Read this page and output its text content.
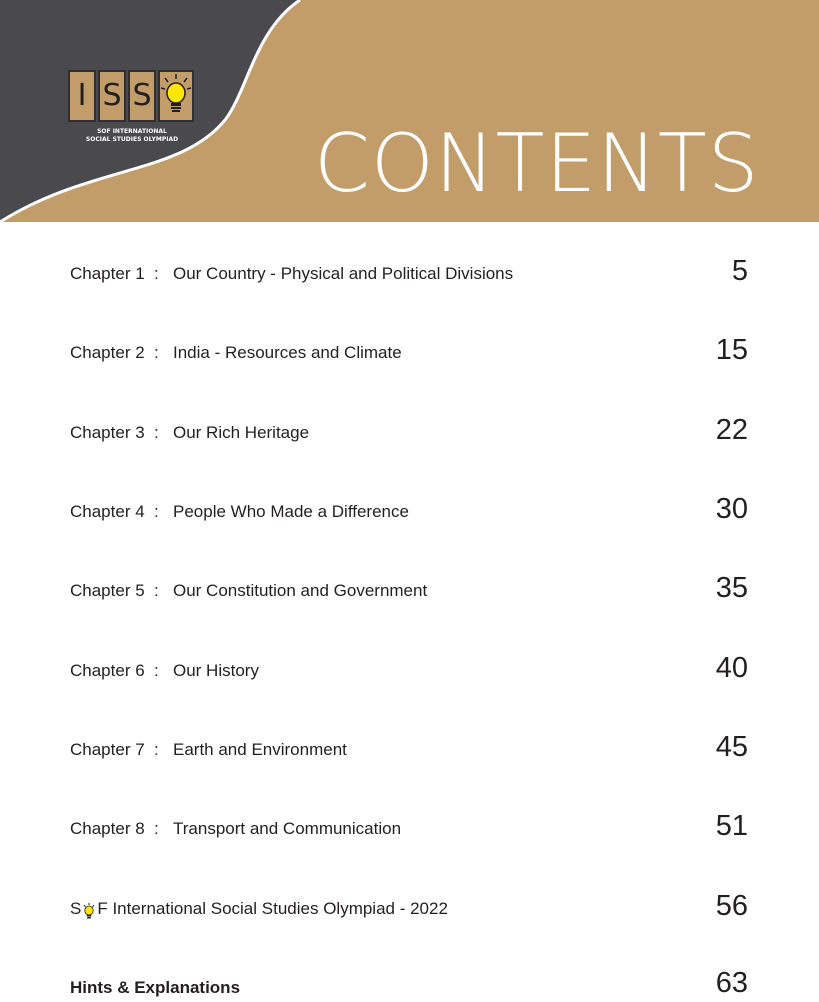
I S S
SOF INTERNATIONAL
SOCIAL STUDIES OLYMPIAD CONTENTS
Chapter 1 : Our Country - Physical and Political Divisions	5
Chapter 2 : India - Resources and Climate	15
Chapter 3 : Our Rich Heritage	22
Chapter 4 : People Who Made a Difference	30
Chapter 5 : Our Constitution and Government	35
Chapter 6 : Our History	40
Chapter 7 : Earth and Environment	45
Chapter 8 : Transport and Communication	51
S F International Social Studies Olympiad - 2022	56
Hints & Explanations	63
